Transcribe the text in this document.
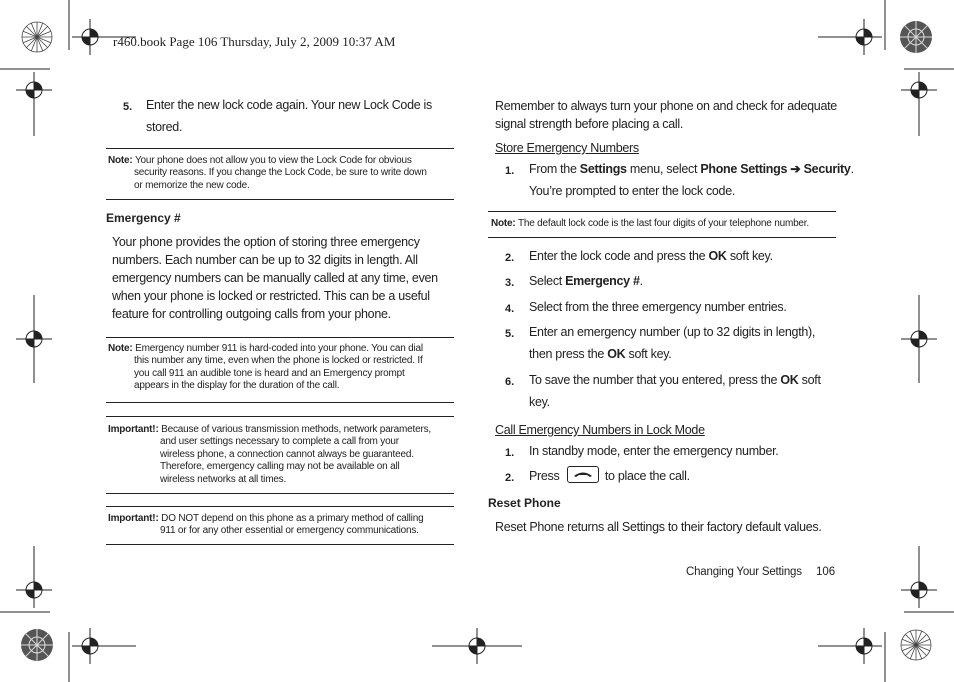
r460.book Page 106 Thursday, July 2, 2009 10:37 AM
5. Enter the new lock code again. Your new Lock Code is
stored.
Note: Your phone does not allow you to view the Lock Code for obvious
security reasons. If you change the Lock Code, be sure to write down
or memorize the new code.
Emergency #
Your phone provides the option of storing three emergency
numbers. Each number can be up to 32 digits in length. All
emergency numbers can be manually called at any time, even
when your phone is locked or restricted. This can be a useful
feature for controlling outgoing calls from your phone.
Note: Emergency number 911 is hard-coded into your phone. You can dial
this number any time, even when the phone is locked or restricted. If
you call 911 an audible tone is heard and an Emergency prompt
appears in the display for the duration of the call.
Important!: Because of various transmission methods, network parameters,
and user settings necessary to complete a call from your
wireless phone, a connection cannot always be guaranteed.
Therefore, emergency calling may not be available on all
wireless networks at all times.
Important!: DO NOT depend on this phone as a primary method of calling
911 or for any other essential or emergency communications.
Remember to always turn your phone on and check for adequate
signal strength before placing a call.
Store Emergency Numbers
1. From the Settings menu, select Phone Settings ➔ Security.
You’re prompted to enter the lock code.
Note: The default lock code is the last four digits of your telephone number.
2. Enter the lock code and press the OK soft key.
3. Select Emergency #.
4. Select from the three emergency number entries.
5. Enter an emergency number (up to 32 digits in length),
then press the OK soft key.
6. To save the number that you entered, press the OK soft
key.
Call Emergency Numbers in Lock Mode
1. In standby mode, enter the emergency number.
2. Press	to place the call.
Reset Phone
Reset Phone returns all Settings to their factory default values.
Changing Your Settings 106
